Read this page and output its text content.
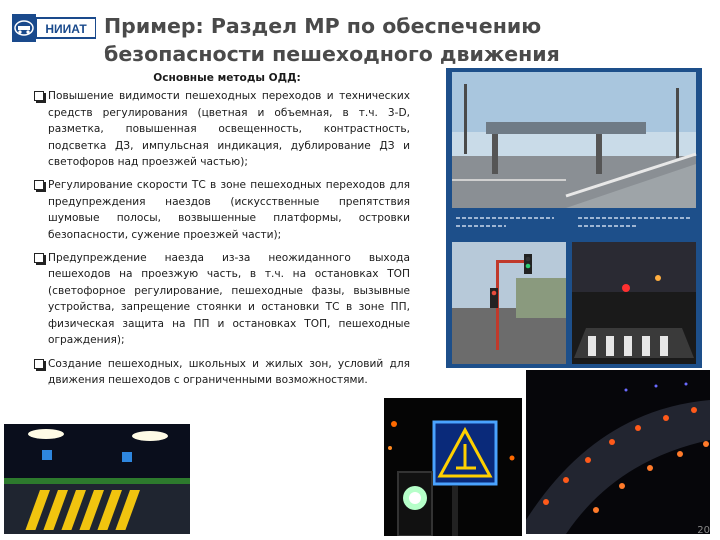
НИИАТ Пример: Раздел МР по обеспечению безопасности пешеходного движения
Основные методы ОДД:
Повышение видимости пешеходных переходов и технических средств регулирования (цветная и объемная, в т.ч. 3-D, разметка, повышенная освещенность, контрастность, подсветка ДЗ, импульсная индикация, дублирование ДЗ и светофоров над проезжей частью);
Регулирование скорости ТС в зоне пешеходных переходов для предупреждения наездов (искусственные препятствия шумовые полосы, возвышенные платформы, островки безопасности, сужение проезжей части);
Предупреждение наезда из-за неожиданного выхода пешеходов на проезжую часть, в т.ч. на остановках ТОП (светофорное регулирование, пешеходные фазы, вызывные устройства, запрещение стоянки и остановки ТС в зоне ПП, физическая защита на ПП и остановках ТОП, пешеходные ограждения);
Создание пешеходных, школьных и жилых зон, условий для движения пешеходов с ограниченными возможностями.
20
